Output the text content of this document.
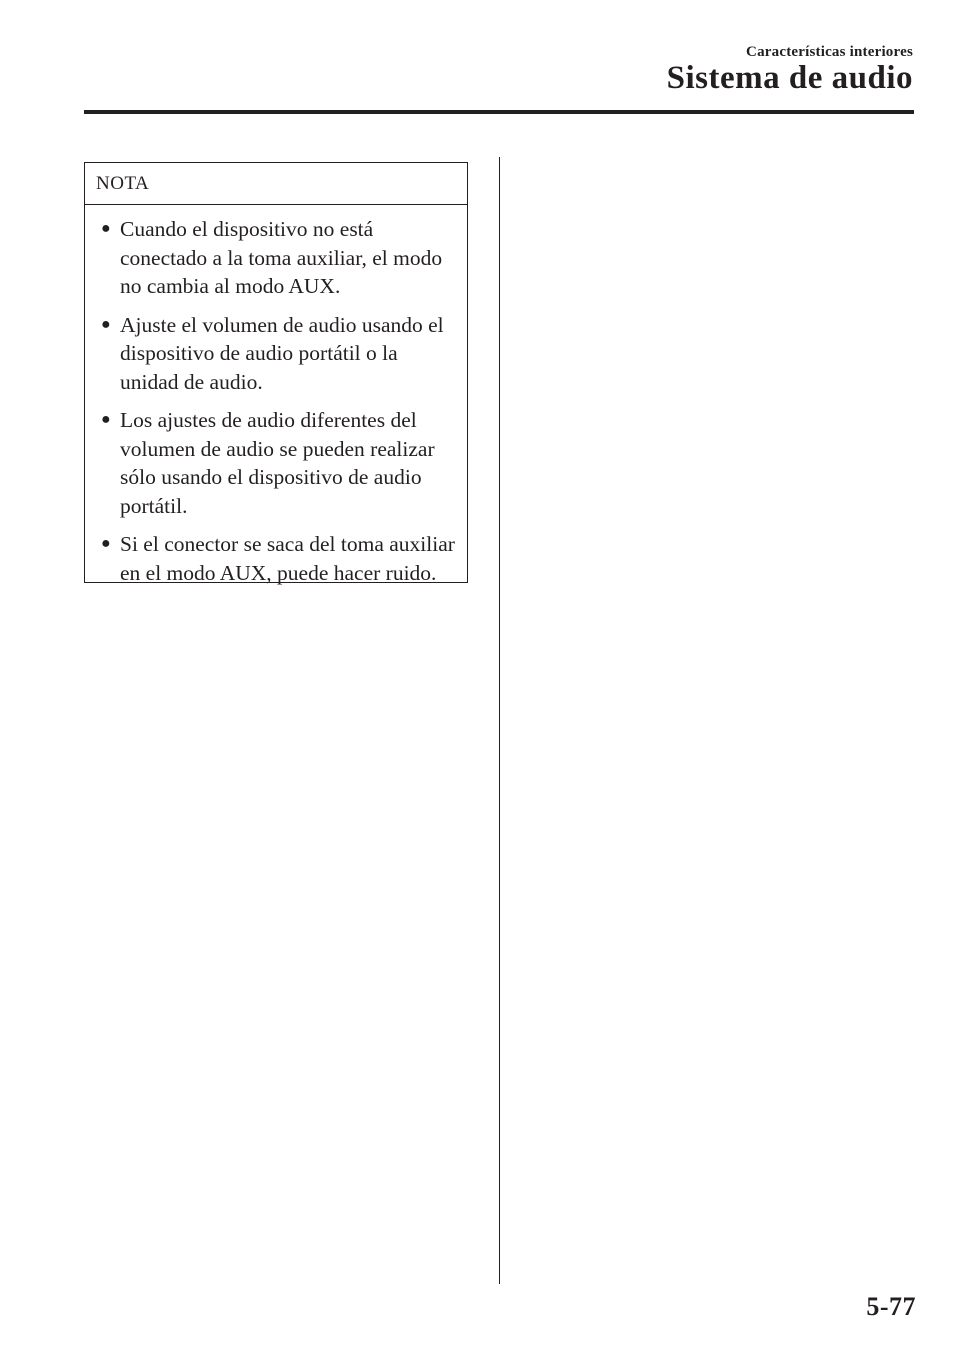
Características interiores
Sistema de audio
NOTA
● Cuando el dispositivo no está conectado a la toma auxiliar, el modo no cambia al modo AUX.
● Ajuste el volumen de audio usando el dispositivo de audio portátil o la unidad de audio.
● Los ajustes de audio diferentes del volumen de audio se pueden realizar sólo usando el dispositivo de audio portátil.
● Si el conector se saca del toma auxiliar en el modo AUX, puede hacer ruido.
5-77
